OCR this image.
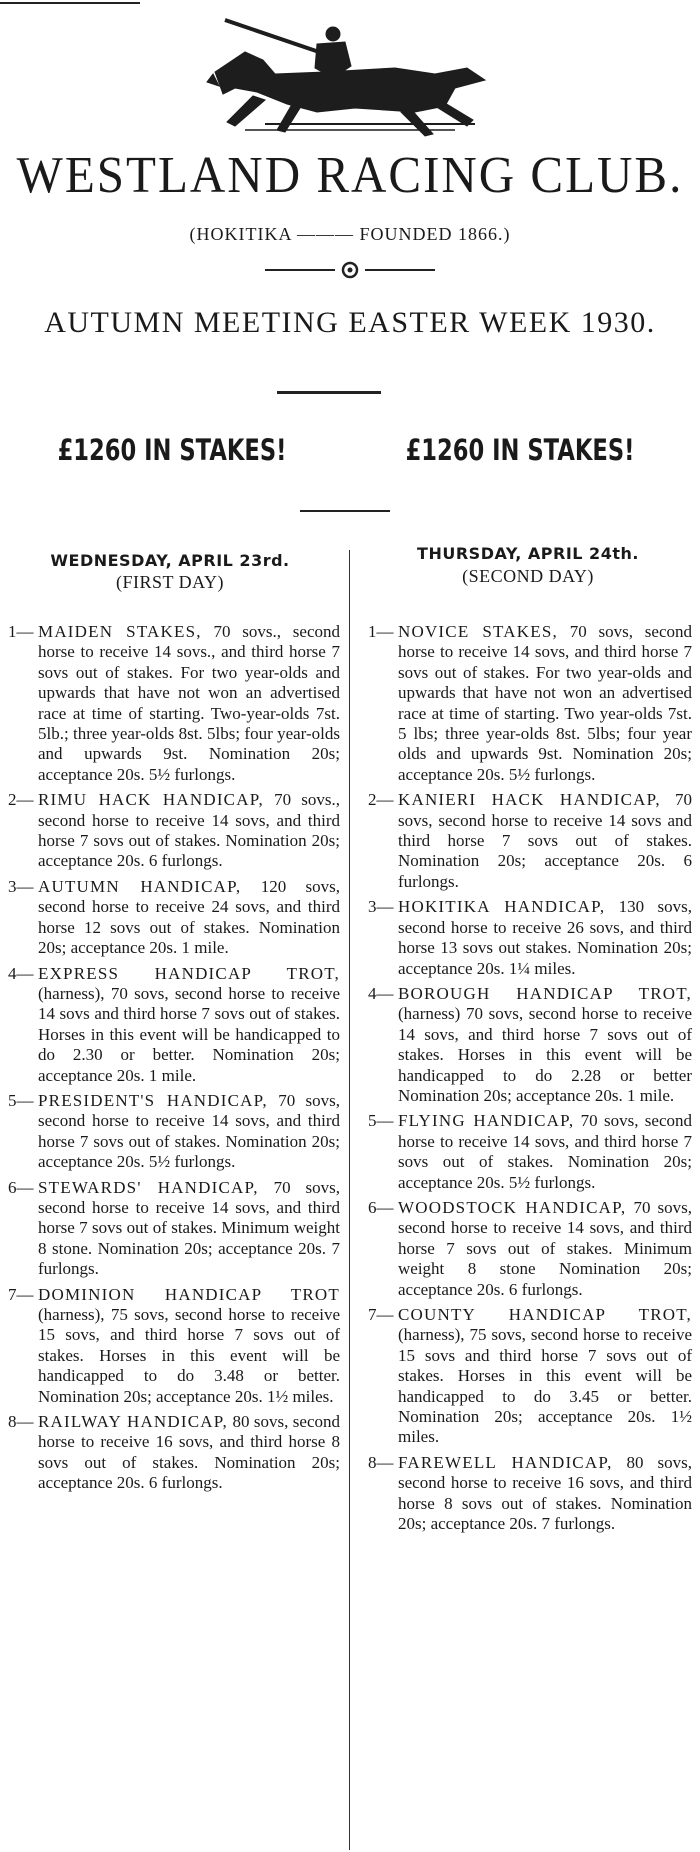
WESTLAND RACING CLUB.
(HOKITIKA ——— FOUNDED 1866.)
AUTUMN MEETING EASTER WEEK 1930.
£1260 IN STAKES!	£1260 IN STAKES!
WEDNESDAY, APRIL 23rd.
(FIRST DAY)
THURSDAY, APRIL 24th.
(SECOND DAY)
1— MAIDEN STAKES, 70 sovs., second horse to receive 14 sovs., and third horse 7 sovs out of stakes. For two year-olds and upwards that have not won an advertised race at time of starting. Two-year-olds 7st. 5lb.; three year-olds 8st. 5lbs; four year-olds and upwards 9st. Nomination 20s; acceptance 20s. 5½ furlongs.
2— RIMU HACK HANDICAP, 70 sovs., second horse to receive 14 sovs, and third horse 7 sovs out of stakes. Nomination 20s; acceptance 20s. 6 furlongs.
3— AUTUMN HANDICAP, 120 sovs, second horse to receive 24 sovs, and third horse 12 sovs out of stakes. Nomination 20s; acceptance 20s. 1 mile.
4— EXPRESS HANDICAP TROT, (harness), 70 sovs, second horse to receive 14 sovs and third horse 7 sovs out of stakes. Horses in this event will be handicapped to do 2.30 or better. Nomination 20s; acceptance 20s. 1 mile.
5— PRESIDENT'S HANDICAP, 70 sovs, second horse to receive 14 sovs, and third horse 7 sovs out of stakes. Nomination 20s; acceptance 20s. 5½ furlongs.
6— STEWARDS' HANDICAP, 70 sovs, second horse to receive 14 sovs, and third horse 7 sovs out of stakes. Minimum weight 8 stone. Nomination 20s; acceptance 20s. 7 furlongs.
7— DOMINION HANDICAP TROT (harness), 75 sovs, second horse to receive 15 sovs, and third horse 7 sovs out of stakes. Horses in this event will be handicapped to do 3.48 or better. Nomination 20s; acceptance 20s. 1½ miles.
8— RAILWAY HANDICAP, 80 sovs, second horse to receive 16 sovs, and third horse 8 sovs out of stakes. Nomination 20s; acceptance 20s. 6 furlongs.
1— NOVICE STAKES, 70 sovs, second horse to receive 14 sovs, and third horse 7 sovs out of stakes. For two year-olds and upwards that have not won an advertised race at time of starting. Two year-olds 7st. 5 lbs; three year-olds 8st. 5lbs; four year olds and upwards 9st. Nomination 20s; acceptance 20s. 5½ furlongs.
2— KANIERI HACK HANDICAP, 70 sovs, second horse to receive 14 sovs and third horse 7 sovs out of stakes. Nomination 20s; acceptance 20s. 6 furlongs.
3— HOKITIKA HANDICAP, 130 sovs, second horse to receive 26 sovs, and third horse 13 sovs out stakes. Nomination 20s; acceptance 20s. 1¼ miles.
4— BOROUGH HANDICAP TROT, (harness) 70 sovs, second horse to receive 14 sovs, and third horse 7 sovs out of stakes. Horses in this event will be handicapped to do 2.28 or better Nomination 20s; acceptance 20s. 1 mile.
5— FLYING HANDICAP, 70 sovs, second horse to receive 14 sovs, and third horse 7 sovs out of stakes. Nomination 20s; acceptance 20s. 5½ furlongs.
6— WOODSTOCK HANDICAP, 70 sovs, second horse to receive 14 sovs, and third horse 7 sovs out of stakes. Minimum weight 8 stone Nomination 20s; acceptance 20s. 6 furlongs.
7— COUNTY HANDICAP TROT, (harness), 75 sovs, second horse to receive 15 sovs and third horse 7 sovs out of stakes. Horses in this event will be handicapped to do 3.45 or better. Nomination 20s; acceptance 20s. 1½ miles.
8— FAREWELL HANDICAP, 80 sovs, second horse to receive 16 sovs, and third horse 8 sovs out of stakes. Nomination 20s; acceptance 20s. 7 furlongs.
